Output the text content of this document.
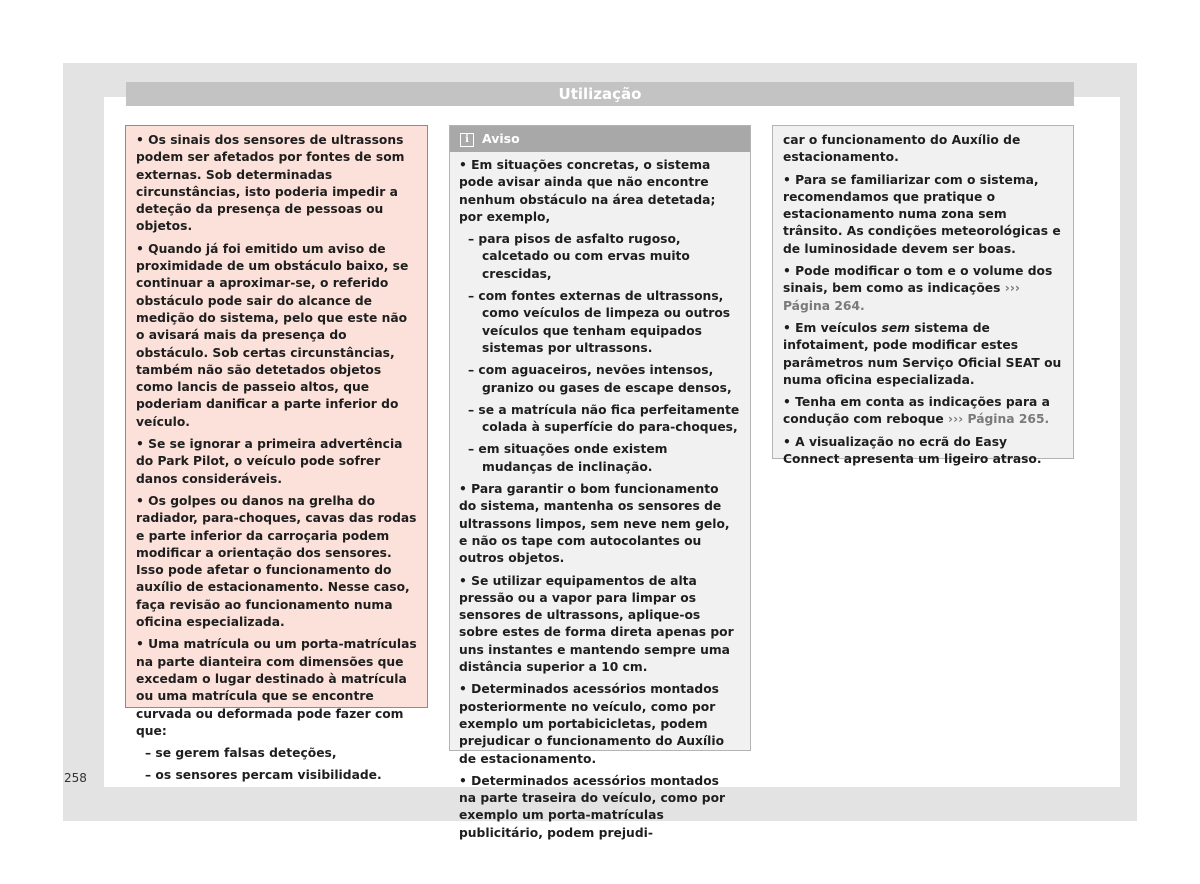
Utilização

• Os sinais dos sensores de ultrassons podem ser afetados por fontes de som externas. Sob determinadas circunstâncias, isto poderia impedir a deteção da presença de pessoas ou objetos.

• Quando já foi emitido um aviso de proximidade de um obstáculo baixo, se continuar a aproximar-se, o referido obstáculo pode sair do alcance de medição do sistema, pelo que este não o avisará mais da presença do obstáculo. Sob certas circunstâncias, também não são detetados objetos como lancis de passeio altos, que poderiam danificar a parte inferior do veículo.

• Se se ignorar a primeira advertência do Park Pilot, o veículo pode sofrer danos consideráveis.

• Os golpes ou danos na grelha do radiador, para-choques, cavas das rodas e parte inferior da carroçaria podem modificar a orientação dos sensores. Isso pode afetar o funcionamento do auxílio de estacionamento. Nesse caso, faça revisão ao funcionamento numa oficina especializada.

• Uma matrícula ou um porta-matrículas na parte dianteira com dimensões que excedam o lugar destinado à matrícula ou uma matrícula que se encontre curvada ou deformada pode fazer com que:

– se gerem falsas deteções,

– os sensores percam visibilidade.

i Aviso

• Em situações concretas, o sistema pode avisar ainda que não encontre nenhum obstáculo na área detetada; por exemplo,

– para pisos de asfalto rugoso, calcetado ou com ervas muito crescidas,

– com fontes externas de ultrassons, como veículos de limpeza ou outros veículos que tenham equipados sistemas por ultrassons.

– com aguaceiros, nevões intensos, granizo ou gases de escape densos,

– se a matrícula não fica perfeitamente colada à superfície do para-choques,

– em situações onde existem mudanças de inclinação.

• Para garantir o bom funcionamento do sistema, mantenha os sensores de ultrassons limpos, sem neve nem gelo, e não os tape com autocolantes ou outros objetos.

• Se utilizar equipamentos de alta pressão ou a vapor para limpar os sensores de ultrassons, aplique-os sobre estes de forma direta apenas por uns instantes e mantendo sempre uma distância superior a 10 cm.

• Determinados acessórios montados posteriormente no veículo, como por exemplo um portabicicletas, podem prejudicar o funcionamento do Auxílio de estacionamento.

• Determinados acessórios montados na parte traseira do veículo, como por exemplo um porta-matrículas publicitário, podem prejudi-

car o funcionamento do Auxílio de estacionamento.

• Para se familiarizar com o sistema, recomendamos que pratique o estacionamento numa zona sem trânsito. As condições meteorológicas e de luminosidade devem ser boas.

• Pode modificar o tom e o volume dos sinais, bem como as indicações ››› Página 264.

• Em veículos sem sistema de infotaiment, pode modificar estes parâmetros num Serviço Oficial SEAT ou numa oficina especializada.

• Tenha em conta as indicações para a condução com reboque ››› Página 265.

• A visualização no ecrã do Easy Connect apresenta um ligeiro atraso.

258
